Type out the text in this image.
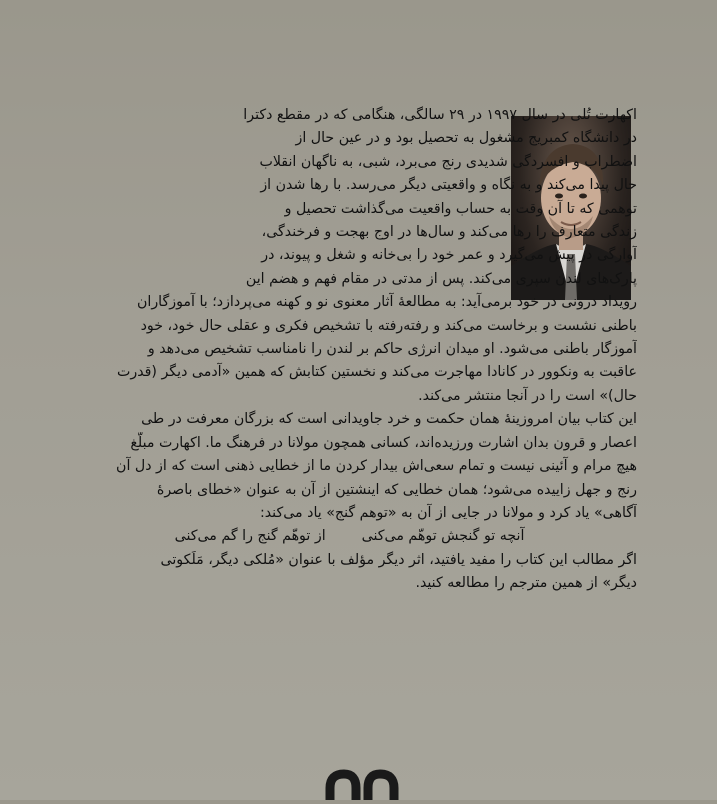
اکهارت تُلی در سال ۱۹۹۷ در ۲۹ سالگی، هنگامی که در مقطع دکترا
در دانشگاه کمبریج مشغول به تحصیل بود و در عین حال از
اضطراب و افسردگی شدیدی رنج می‌برد، شبی، به ناگهان انقلاب
حال پیدا می‌کند و به نگاه و واقعیتی دیگر می‌رسد. با رها شدن از
توهمی که تا آن وقت به حساب واقعیت می‌گذاشت تحصیل و
زندگی متعارف را رها می‌کند و سال‌ها در اوج بهجت و فرخندگی،
آوارگی در پیش می‌گیرد و عمر خود را بی‌خانه و شغل و پیوند، در
پارک‌های لندن سپری می‌کند. پس از مدتی در مقام فهم و هضم این
رویداد درونی در خود برمی‌آید: به مطالعهٔ آثار معنوی نو و کهنه می‌پردازد؛ با آموزگاران
باطنی نشست و برخاست می‌کند و رفته‌رفته با تشخیص فکری و عقلی حال خود، خود
آموزگار باطنی می‌شود. او میدان انرژی حاکم بر لندن را نامناسب تشخیص می‌دهد و
عاقبت به ونکوور در کانادا مهاجرت می‌کند و نخستین کتابش که همین «آدمی دیگر (قدرت
حال)» است را در آنجا منتشر می‌کند.
این کتاب بیان امروزینهٔ همان حکمت و خرد جاویدانی است که بزرگان معرفت در طی
اعصار و قرون بدان اشارت ورزیده‌اند، کسانی همچون مولانا در فرهنگ ما. اکهارت مبلّغ
هیچ مرام و آئینی نیست و تمام سعی‌اش بیدار کردن ما از خطایی ذهنی است که از دل آن
رنج و جهل زاییده می‌شود؛ همان خطایی که اینشتین از آن به عنوان «خطای باصرهٔ
آگاهی» یاد کرد و مولانا در جایی از آن به «توهم گنج» یاد می‌کند:
آنچه تو گنجش توهّم می‌کنی
از توهّم گنج را گم می‌کنی
اگر مطالب این کتاب را مفید یافتید، اثر دیگر مؤلف با عنوان «مُلکی دیگر، مَلَکوتی
دیگر» از همین مترجم را مطالعه کنید.
